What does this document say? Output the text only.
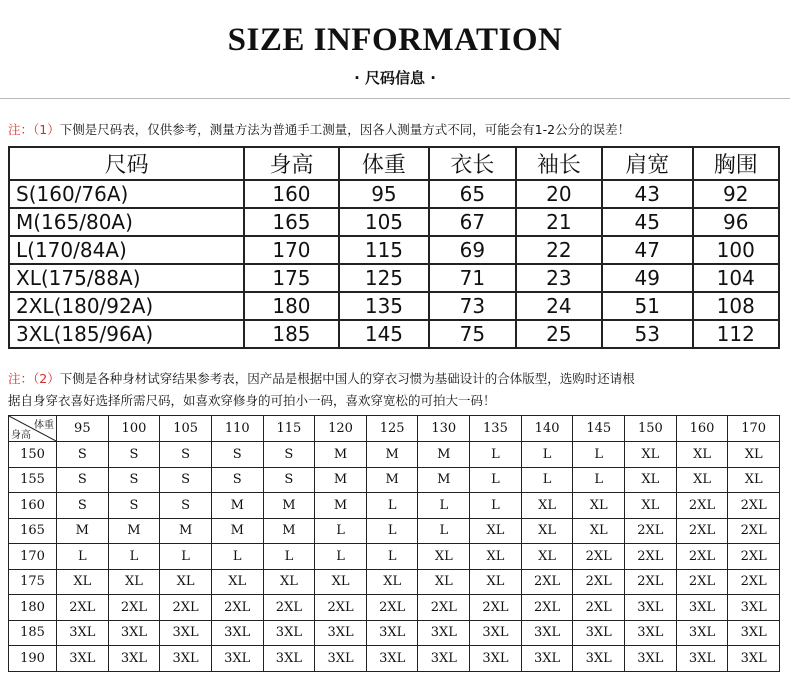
SIZE INFORMATION
· 尺码信息 ·
注：（1）下侧是尺码表，仅供参考，测量方法为普通手工测量，因各人测量方式不同，可能会有1-2公分的误差！
尺码	身高	体重	衣长	袖长	肩宽	胸围
S(160/76A)	160	95	65	20	43	92
M(165/80A)	165	105	67	21	45	96
L(170/84A)	170	115	69	22	47	100
XL(175/88A)	175	125	71	23	49	104
2XL(180/92A)	180	135	73	24	51	108
3XL(185/96A)	185	145	75	25	53	112
注：（2）下侧是各种身材试穿结果参考表，因产品是根据中国人的穿衣习惯为基础设计的合体版型，选购时还请根
据自身穿衣喜好选择所需尺码，如喜欢穿修身的可拍小一码，喜欢穿宽松的可拍大一码！
体重
身高	95	100	105	110	115	120	125	130	135	140	145	150	160	170
150	S	S	S	S	S	M	M	M	L	L	L	XL	XL	XL
155	S	S	S	S	S	M	M	M	L	L	L	XL	XL	XL
160	S	S	S	M	M	M	L	L	L	XL	XL	XL	2XL	2XL
165	M	M	M	M	M	L	L	L	XL	XL	XL	2XL	2XL	2XL
170	L	L	L	L	L	L	L	XL	XL	XL	2XL	2XL	2XL	2XL
175	XL	XL	XL	XL	XL	XL	XL	XL	XL	2XL	2XL	2XL	2XL	2XL
180	2XL	2XL	2XL	2XL	2XL	2XL	2XL	2XL	2XL	2XL	2XL	3XL	3XL	3XL
185	3XL	3XL	3XL	3XL	3XL	3XL	3XL	3XL	3XL	3XL	3XL	3XL	3XL	3XL
190	3XL	3XL	3XL	3XL	3XL	3XL	3XL	3XL	3XL	3XL	3XL	3XL	3XL	3XL
